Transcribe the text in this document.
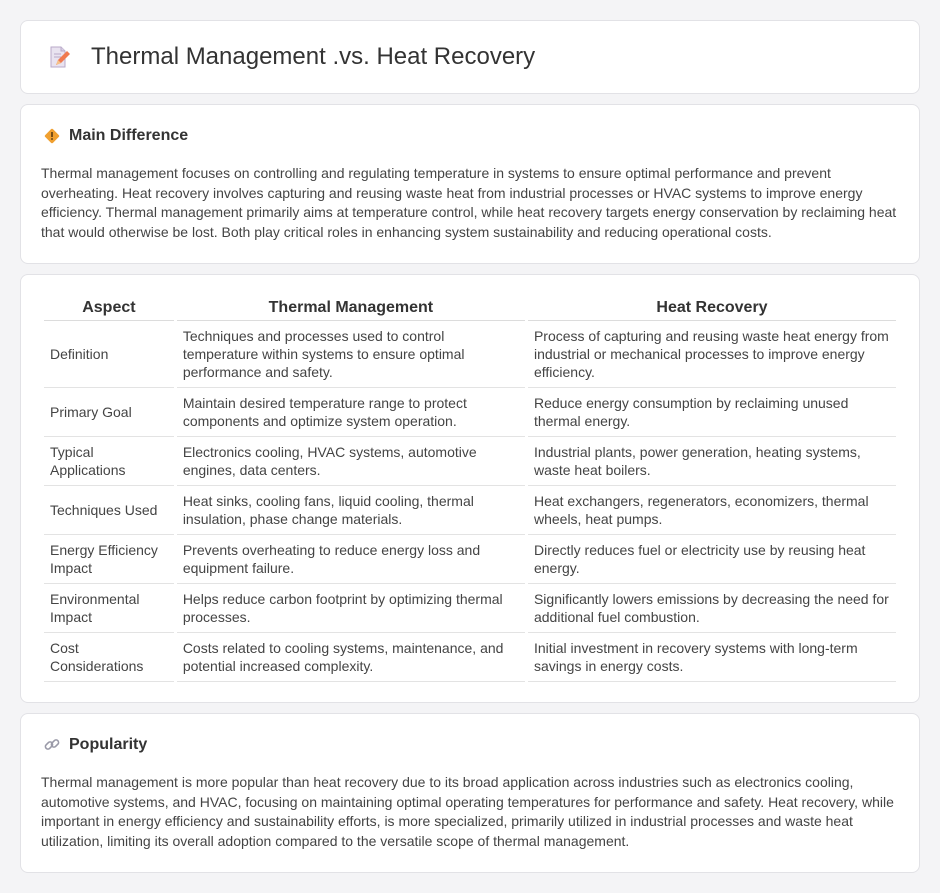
Thermal Management .vs. Heat Recovery
Main Difference

Thermal management focuses on controlling and regulating temperature in systems to ensure optimal performance and prevent overheating. Heat recovery involves capturing and reusing waste heat from industrial processes or HVAC systems to improve energy efficiency. Thermal management primarily aims at temperature control, while heat recovery targets energy conservation by reclaiming heat that would otherwise be lost. Both play critical roles in enhancing system sustainability and reducing operational costs.

Aspect	Thermal Management	Heat Recovery
Definition	Techniques and processes used to control temperature within systems to ensure optimal performance and safety.	Process of capturing and reusing waste heat energy from industrial or mechanical processes to improve energy efficiency.
Primary Goal	Maintain desired temperature range to protect components and optimize system operation.	Reduce energy consumption by reclaiming unused thermal energy.
Typical Applications	Electronics cooling, HVAC systems, automotive engines, data centers.	Industrial plants, power generation, heating systems, waste heat boilers.
Techniques Used	Heat sinks, cooling fans, liquid cooling, thermal insulation, phase change materials.	Heat exchangers, regenerators, economizers, thermal wheels, heat pumps.
Energy Efficiency Impact	Prevents overheating to reduce energy loss and equipment failure.	Directly reduces fuel or electricity use by reusing heat energy.
Environmental Impact	Helps reduce carbon footprint by optimizing thermal processes.	Significantly lowers emissions by decreasing the need for additional fuel combustion.
Cost Considerations	Costs related to cooling systems, maintenance, and potential increased complexity.	Initial investment in recovery systems with long-term savings in energy costs.
Popularity

Thermal management is more popular than heat recovery due to its broad application across industries such as electronics cooling, automotive systems, and HVAC, focusing on maintaining optimal operating temperatures for performance and safety. Heat recovery, while important in energy efficiency and sustainability efforts, is more specialized, primarily utilized in industrial processes and waste heat utilization, limiting its overall adoption compared to the versatile scope of thermal management.
